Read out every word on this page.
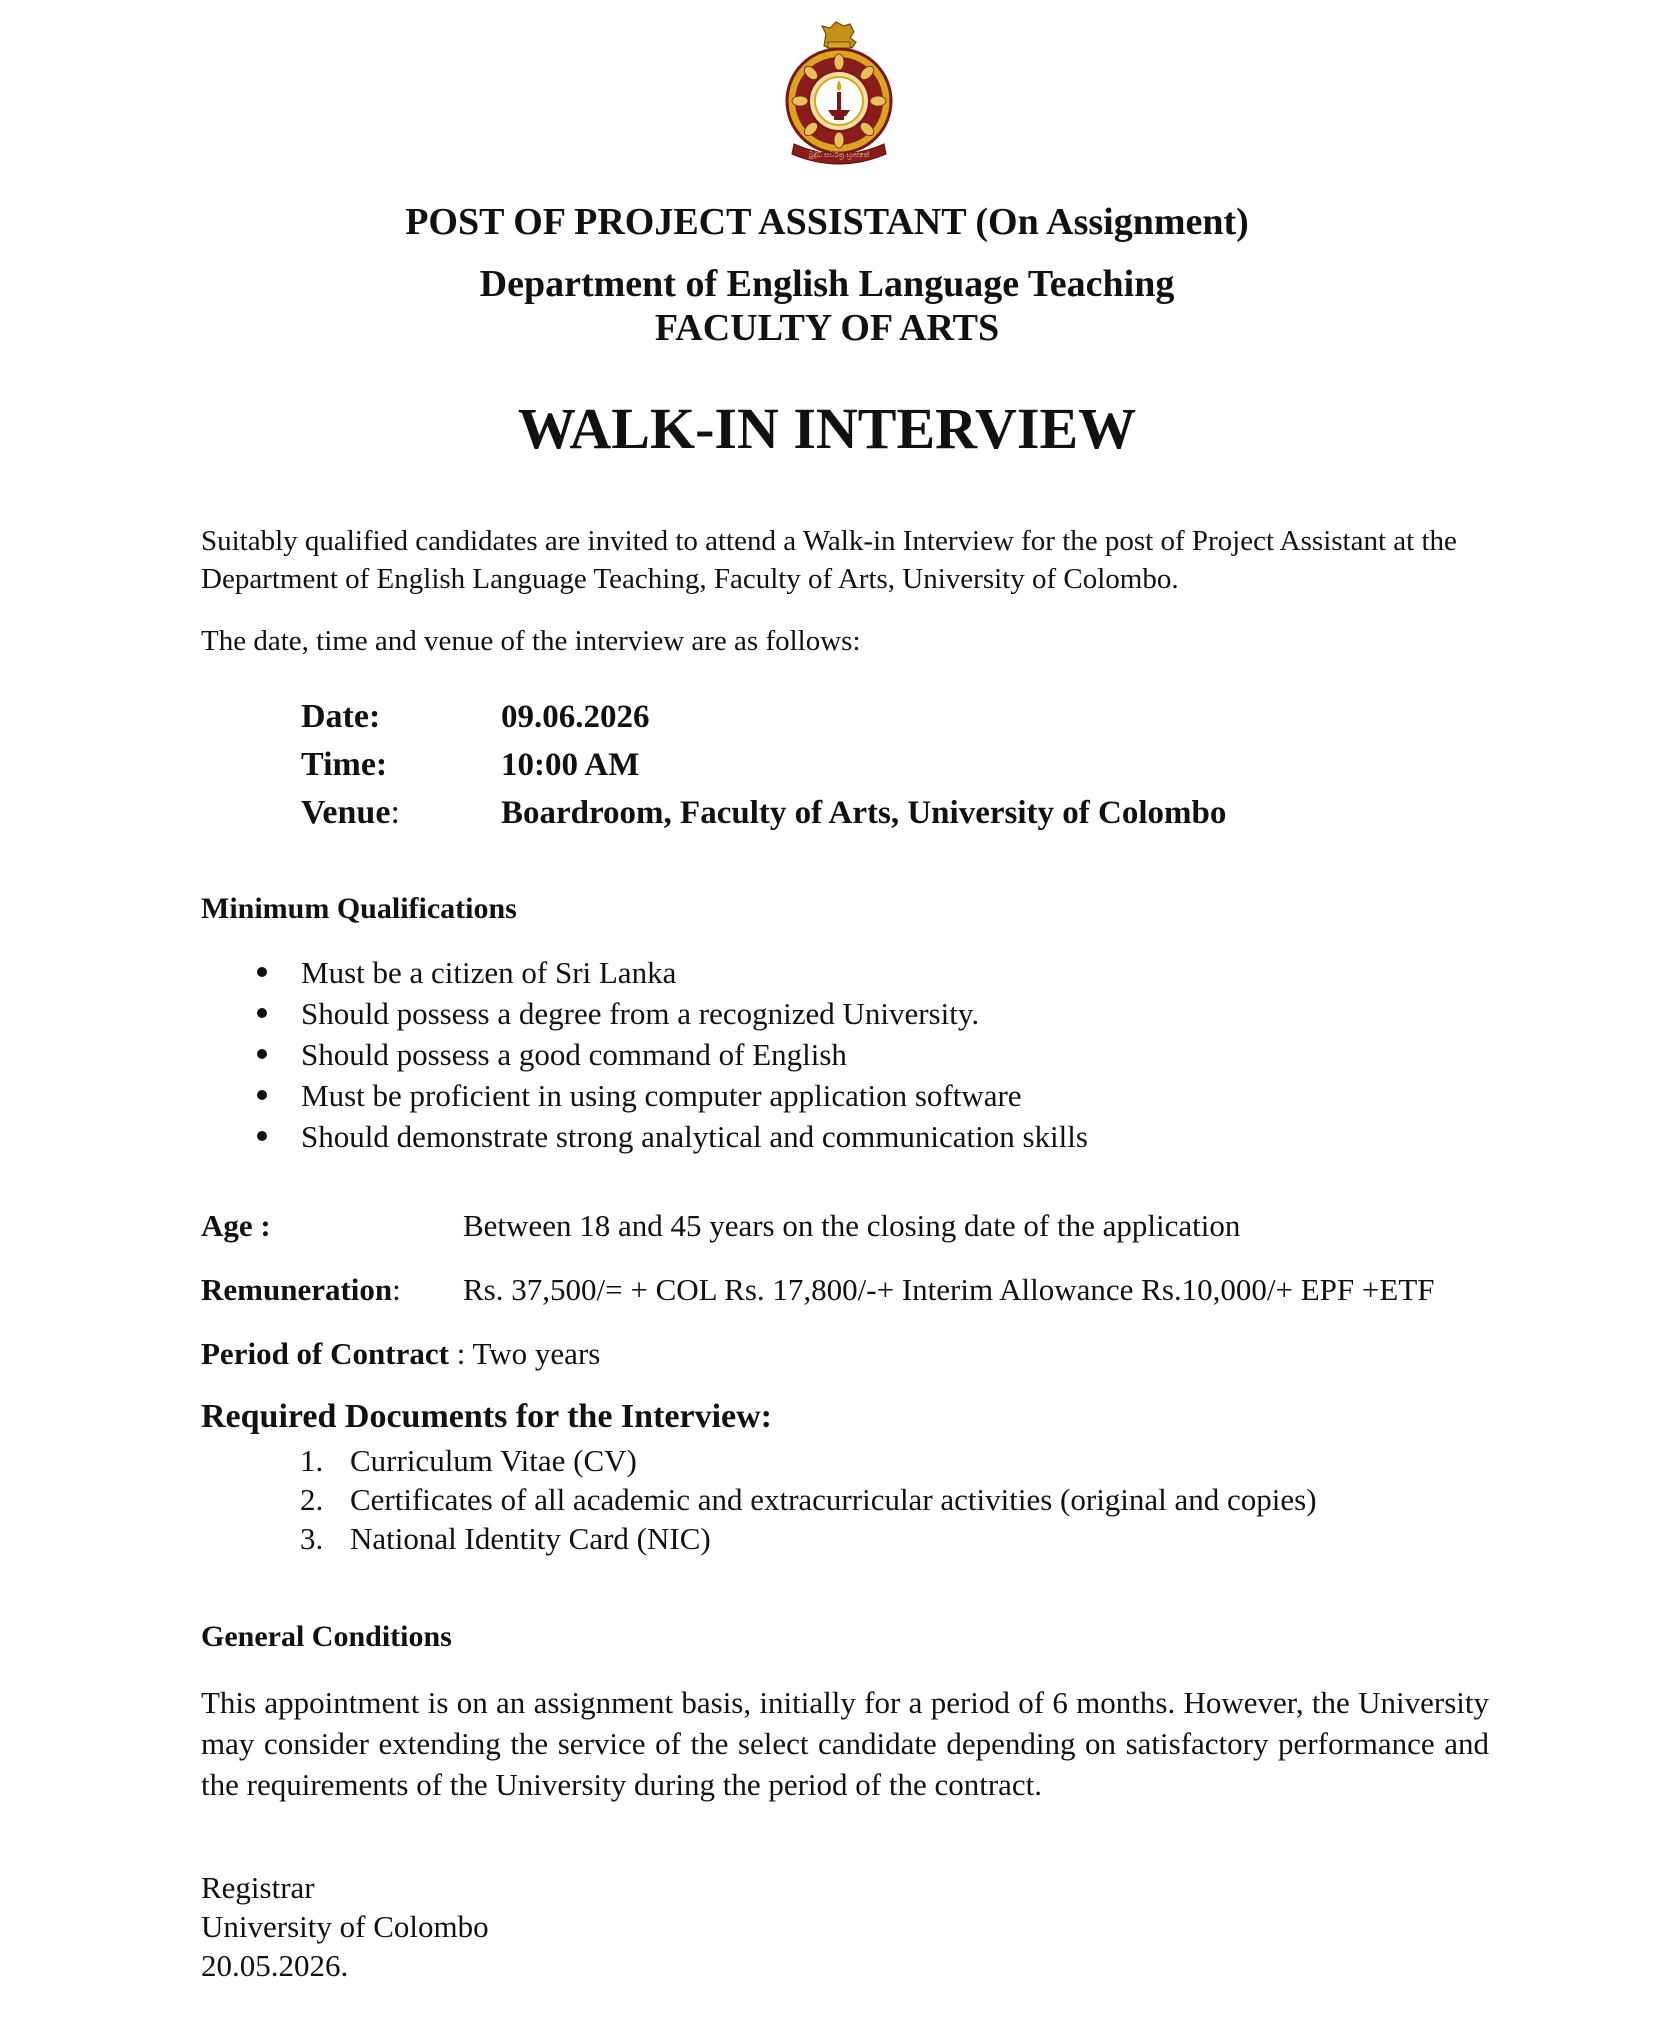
බුද්ධි සර්වත්‍ර භ්‍රාජතේ
POST OF PROJECT ASSISTANT (On Assignment)
Department of English Language Teaching
FACULTY OF ARTS
WALK-IN INTERVIEW
Suitably qualified candidates are invited to attend a Walk-in Interview for the post of Project Assistant at the Department of English Language Teaching, Faculty of Arts, University of Colombo.
The date, time and venue of the interview are as follows:
Date:	09.06.2026
Time:	10:00 AM
Venue:	Boardroom, Faculty of Arts, University of Colombo
Minimum Qualifications
Must be a citizen of Sri Lanka
Should possess a degree from a recognized University.
Should possess a good command of English
Must be proficient in using computer application software
Should demonstrate strong analytical and communication skills
Age :	Between 18 and 45 years on the closing date of the application
Remuneration: Rs. 37,500/= + COL Rs. 17,800/-+ Interim Allowance Rs.10,000/+ EPF +ETF
Period of Contract : Two years
Required Documents for the Interview:
1. Curriculum Vitae (CV)
2. Certificates of all academic and extracurricular activities (original and copies)
3. National Identity Card (NIC)
General Conditions
This appointment is on an assignment basis, initially for a period of 6 months. However, the University may consider extending the service of the select candidate depending on satisfactory performance and the requirements of the University during the period of the contract.
Registrar
University of Colombo
20.05.2026.
